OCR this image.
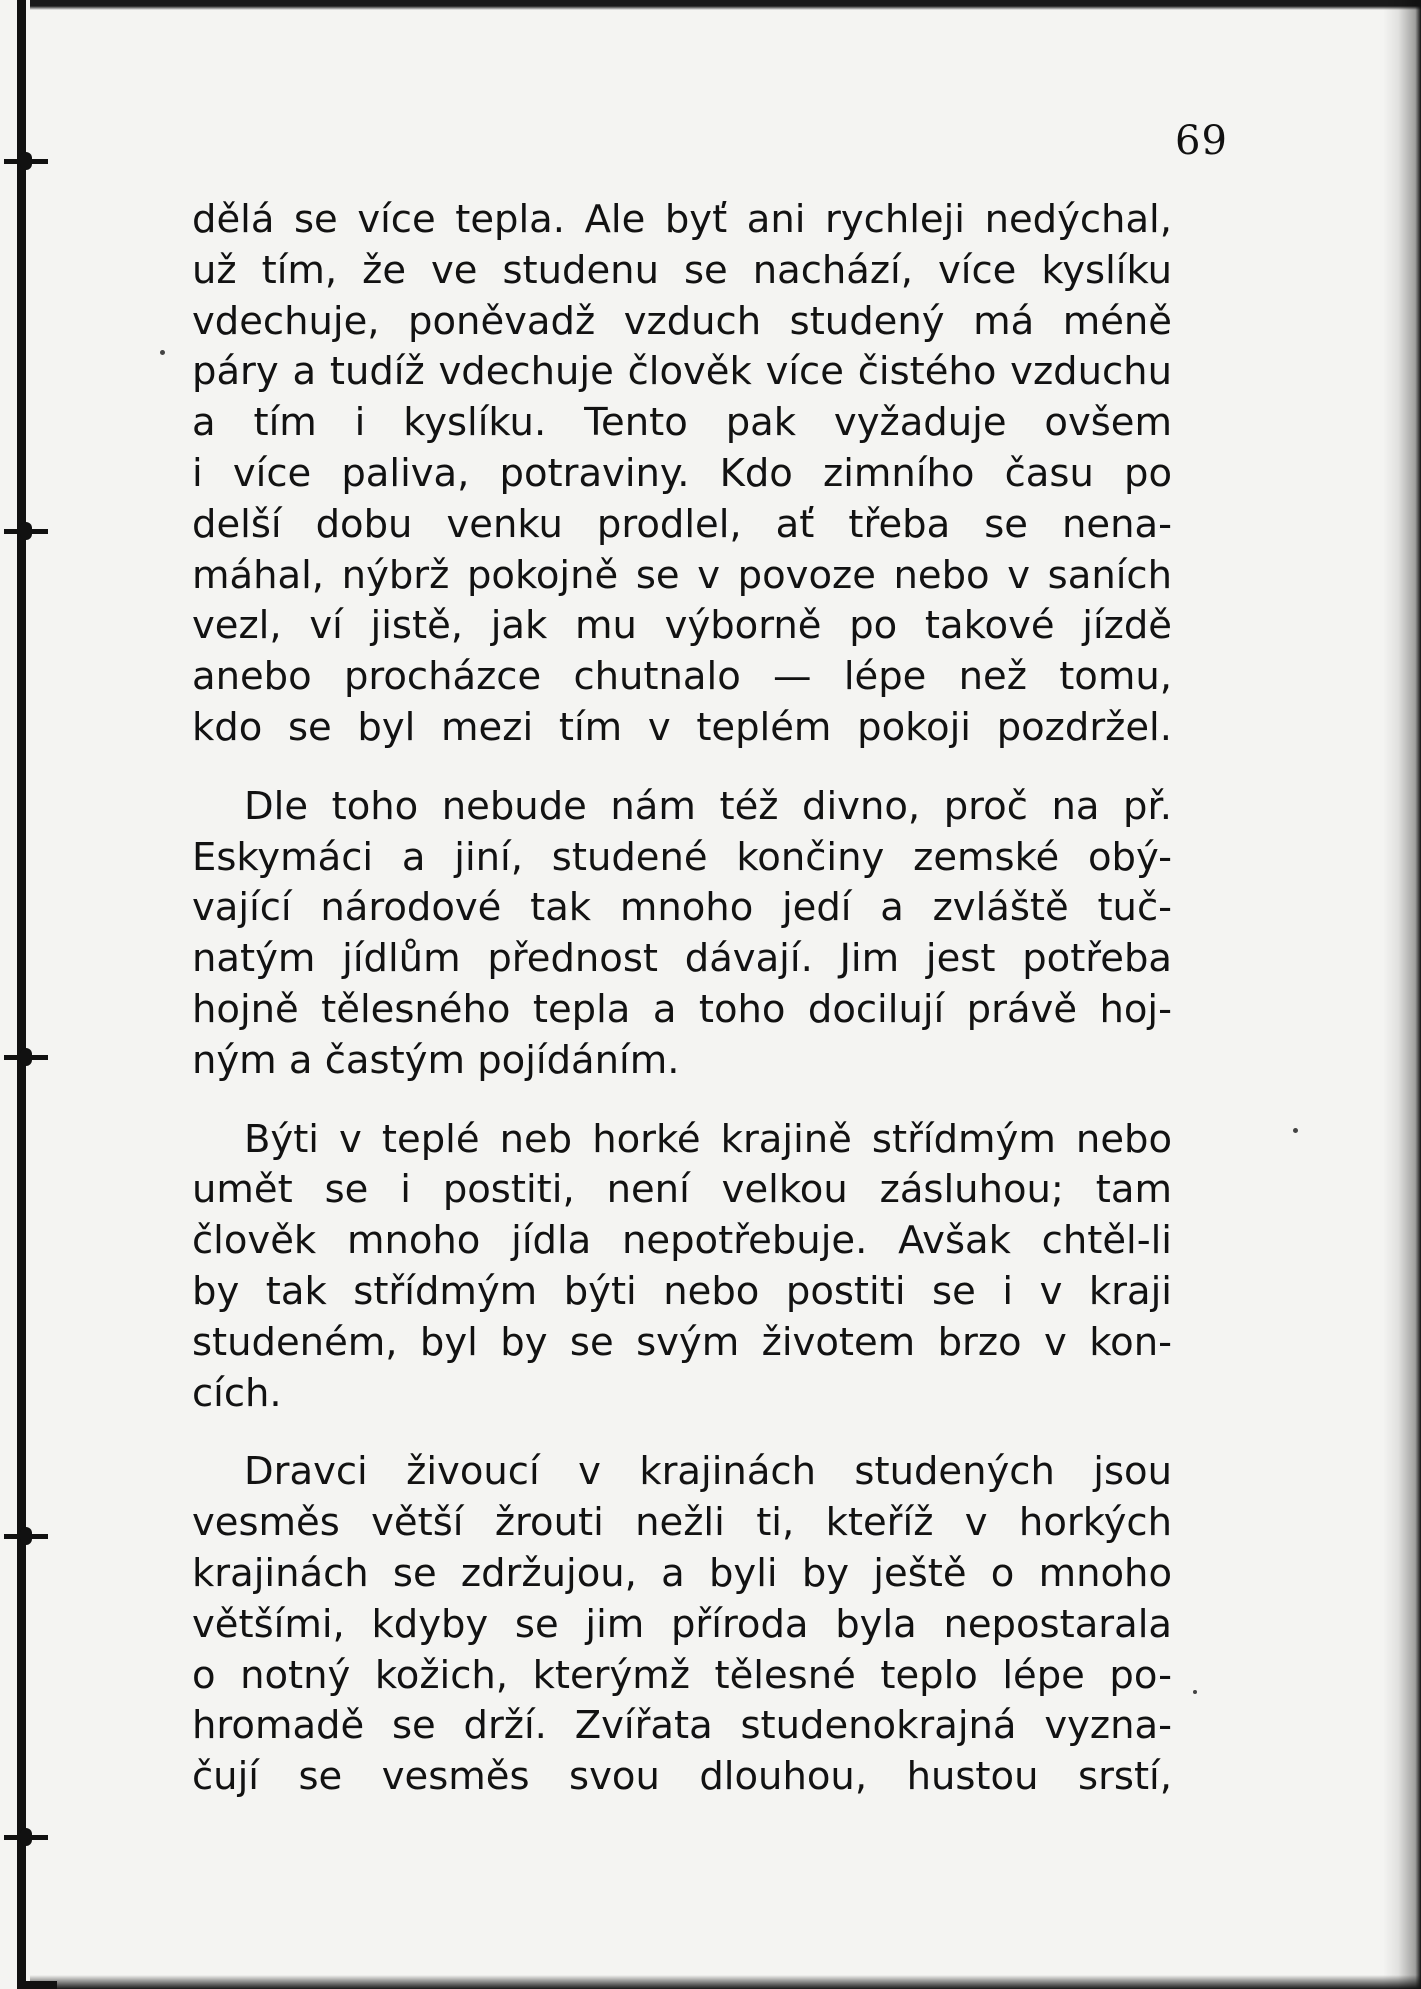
69
dělá se více tepla. Ale byť ani rychleji nedýchal,
už tím, že ve studenu se nachází, více kyslíku
vdechuje, poněvadž vzduch studený má méně
páry a tudíž vdechuje člověk více čistého vzduchu
a tím i kyslíku. Tento pak vyžaduje ovšem
i více paliva, potraviny. Kdo zimního času po
delší dobu venku prodlel, ať třeba se nena-
máhal, nýbrž pokojně se v povoze nebo v saních
vezl, ví jistě, jak mu výborně po takové jízdě
anebo procházce chutnalo — lépe než tomu,
kdo se byl mezi tím v teplém pokoji pozdržel.
Dle toho nebude nám též divno, proč na př.
Eskymáci a jiní, studené končiny zemské obý-
vající národové tak mnoho jedí a zvláště tuč-
natým jídlům přednost dávají. Jim jest potřeba
hojně tělesného tepla a toho docilují právě hoj-
ným a častým pojídáním.
Býti v teplé neb horké krajině střídmým nebo
umět se i postiti, není velkou zásluhou; tam
člověk mnoho jídla nepotřebuje. Avšak chtěl-li
by tak střídmým býti nebo postiti se i v kraji
studeném, byl by se svým životem brzo v kon-
cích.
Dravci živoucí v krajinách studených jsou
vesměs větší žrouti nežli ti, kteříž v horkých
krajinách se zdržujou, a byli by ještě o mnoho
většími, kdyby se jim příroda byla nepostarala
o notný kožich, kterýmž tělesné teplo lépe po-
hromadě se drží. Zvířata studenokrajná vyzna-
čují se vesměs svou dlouhou, hustou srstí,
